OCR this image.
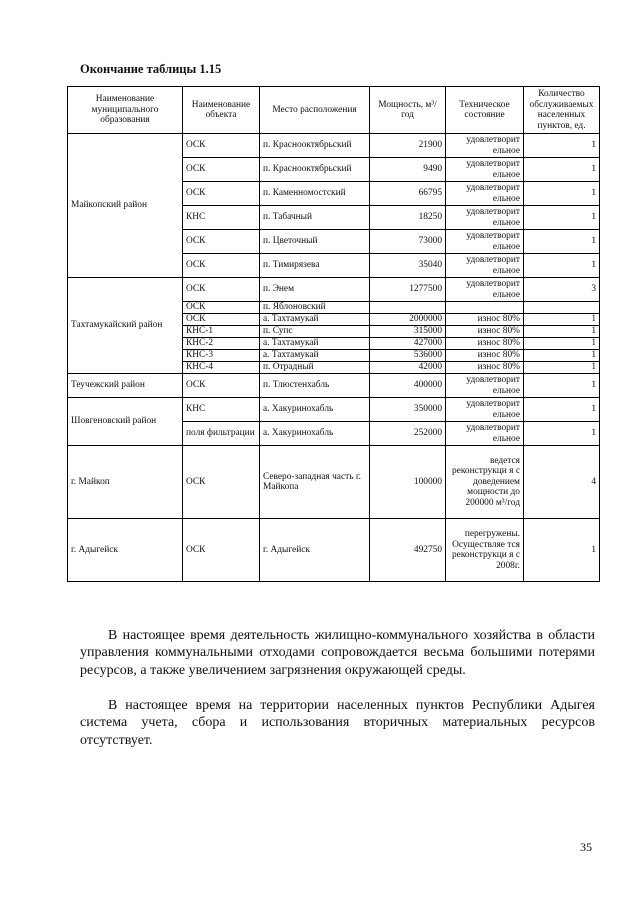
Окончание таблицы 1.15
Наименование муниципального образования	Наименование объекта	Место расположения	Мощность, м³/год	Техническое состояние	Количество обслуживаемых населенных пунктов, ед.
Майкопский район	ОСК	п. Краснооктябрьский	21900	удовлетворит ельное	1
	ОСК	п. Краснооктябрьский	9490	удовлетворит ельное	1
	ОСК	п. Каменномостский	66795	удовлетворит ельное	1
	КНС	п. Табачный	18250	удовлетворит ельное	1
	ОСК	п. Цветочный	73000	удовлетворит ельное	1
	ОСК	п. Тимирязева	35040	удовлетворит ельное	1
Тахтамукайский район	ОСК	п. Энем	1277500	удовлетворит ельное	3
	ОСК	п. Яблоновский			
	ОСК	а. Тахтамукай	2000000	износ 80%	1
	КНС-1	п. Супс	315000	износ 80%	1
	КНС-2	а. Тахтамукай	427000	износ 80%	1
	КНС-3	а. Тахтамукай	536000	износ 80%	1
	КНС-4	п. Отрадный	42000	износ 80%	1
Теучежский район	ОСК	п. Тлюстенхабль	400000	удовлетворит ельное	1
Шовгеновский район	КНС	а. Хакуринохабль	350000	удовлетворит ельное	1
	поля фильтрации	а. Хакуринохабль	252000	удовлетворит ельное	1
г. Майкоп	ОСК	Северо-западная часть г. Майкопа	100000	ведется реконструкци я с доведением мощности до 200000 м³/год	4
г. Адыгейск	ОСК	г. Адыгейск	492750	перегружены. Осуществляе тся реконструкци я с 2008г.	1

В настоящее время деятельность жилищно-коммунального хозяйства в области управления коммунальными отходами сопровождается весьма большими потерями ресурсов, а также увеличением загрязнения окружающей среды.

В настоящее время на территории населенных пунктов Республики Адыгея система учета, сбора и использования вторичных материальных ресурсов отсутствует.

35
